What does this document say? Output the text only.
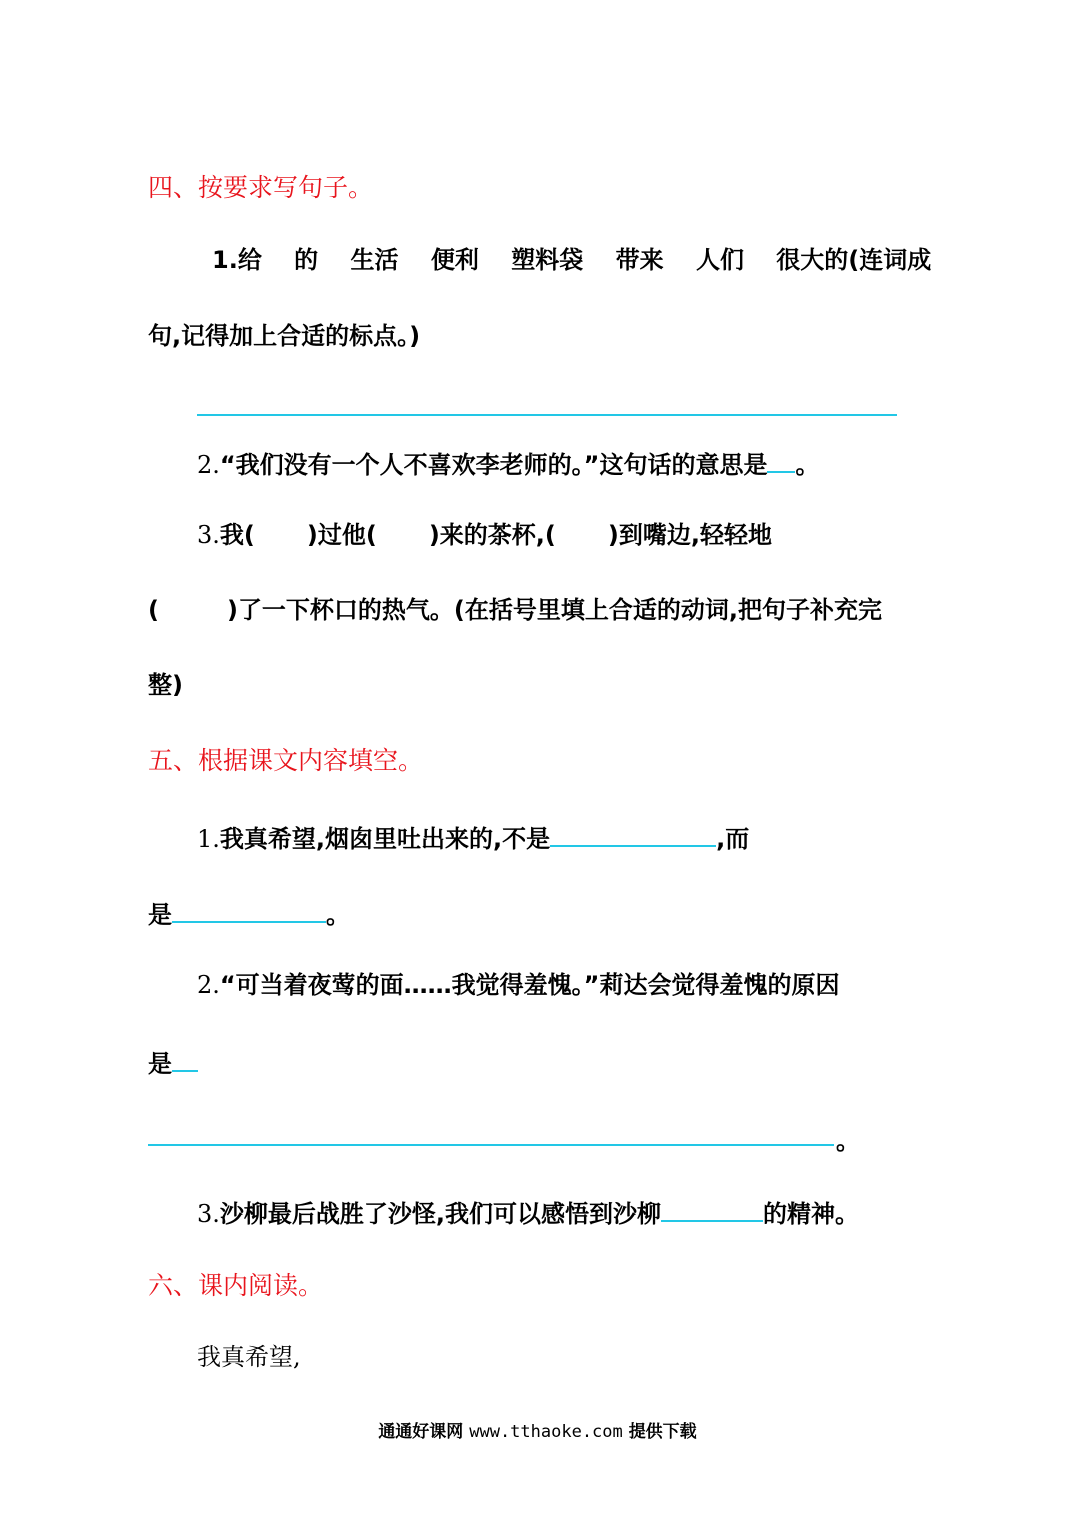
四、按要求写句子。
1.给　 的　 生活　 便利　 塑料袋　 带来　 人们　 很大的(连词成
句,记得加上合适的标点。)
2.“我们没有一个人不喜欢李老师的。”这句话的意思是 。
3.我( )过他( )来的茶杯,( )到嘴边,轻轻地
(	)了一下杯口的热气。(在括号里填上合适的动词,把句子补充完
整)
五、根据课文内容填空。
1.我真希望,烟囱里吐出来的,不是	,而
是	。
2.“可当着夜莺的面……我觉得羞愧。”莉达会觉得羞愧的原因
是
。
3.沙柳最后战胜了沙怪,我们可以感悟到沙柳	的精神。
六、课内阅读。
我真希望,
通通好课网 www.tthaoke.com 提供下载
